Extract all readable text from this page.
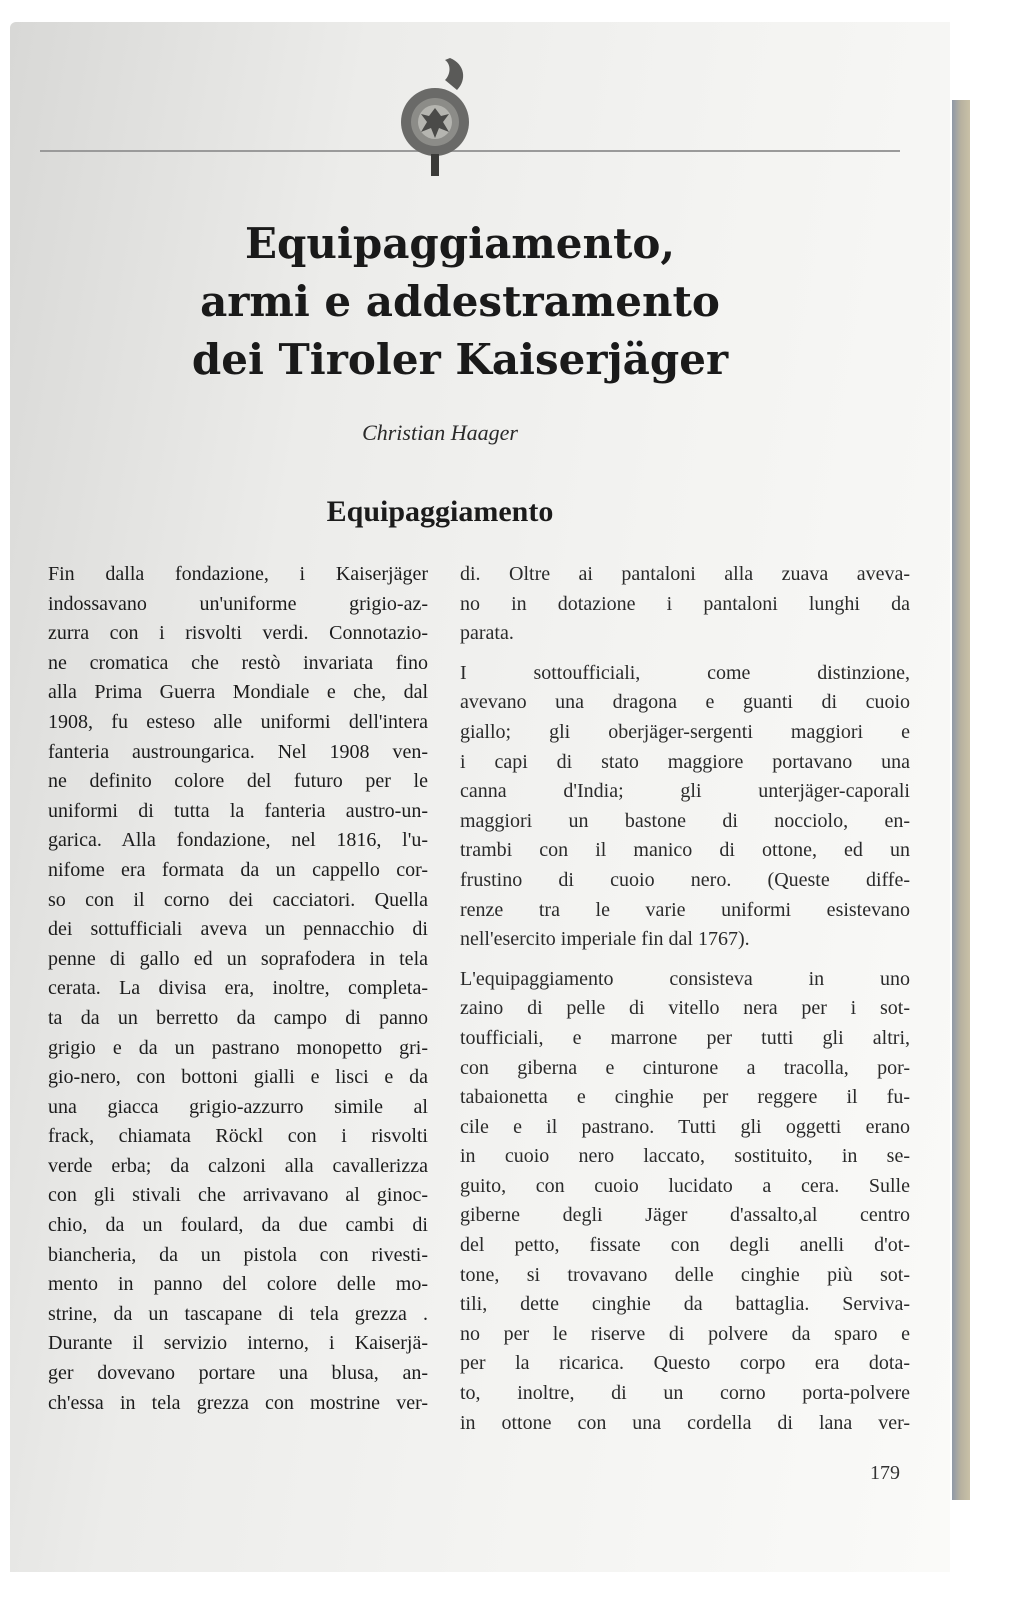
Equipaggiamento,
armi e addestramento
dei Tiroler Kaiserjäger
Christian Haager
Equipaggiamento
Fin dalla fondazione, i Kaiserjäger
indossavano un'uniforme grigio-az-
zurra con i risvolti verdi. Connotazio-
ne cromatica che restò invariata fino
alla Prima Guerra Mondiale e che, dal
1908, fu esteso alle uniformi dell'intera
fanteria austroungarica. Nel 1908 ven-
ne definito colore del futuro per le
uniformi di tutta la fanteria austro-un-
garica. Alla fondazione, nel 1816, l'u-
nifome era formata da un cappello cor-
so con il corno dei cacciatori. Quella
dei sottufficiali aveva un pennacchio di
penne di gallo ed un soprafodera in tela
cerata. La divisa era, inoltre, completa-
ta da un berretto da campo di panno
grigio e da un pastrano monopetto gri-
gio-nero, con bottoni gialli e lisci e da
una giacca grigio-azzurro simile al
frack, chiamata Röckl con i risvolti
verde erba; da calzoni alla cavallerizza
con gli stivali che arrivavano al ginoc-
chio, da un foulard, da due cambi di
biancheria, da un pistola con rivesti-
mento in panno del colore delle mo-
strine, da un tascapane di tela grezza .
Durante il servizio interno, i Kaiserjä-
ger dovevano portare una blusa, an-
ch'essa in tela grezza con mostrine ver-
di. Oltre ai pantaloni alla zuava aveva-
no in dotazione i pantaloni lunghi da
parata.
I sottoufficiali, come distinzione,
avevano una dragona e guanti di cuoio
giallo; gli oberjäger-sergenti maggiori e
i capi di stato maggiore portavano una
canna d'India; gli unterjäger-caporali
maggiori un bastone di nocciolo, en-
trambi con il manico di ottone, ed un
frustino di cuoio nero. (Queste diffe-
renze tra le varie uniformi esistevano
nell'esercito imperiale fin dal 1767).
L'equipaggiamento consisteva in uno
zaino di pelle di vitello nera per i sot-
toufficiali, e marrone per tutti gli altri,
con giberna e cinturone a tracolla, por-
tabaionetta e cinghie per reggere il fu-
cile e il pastrano. Tutti gli oggetti erano
in cuoio nero laccato, sostituito, in se-
guito, con cuoio lucidato a cera. Sulle
giberne degli Jäger d'assalto,al centro
del petto, fissate con degli anelli d'ot-
tone, si trovavano delle cinghie più sot-
tili, dette cinghie da battaglia. Serviva-
no per le riserve di polvere da sparo e
per la ricarica. Questo corpo era dota-
to, inoltre, di un corno porta-polvere
in ottone con una cordella di lana ver-
179
